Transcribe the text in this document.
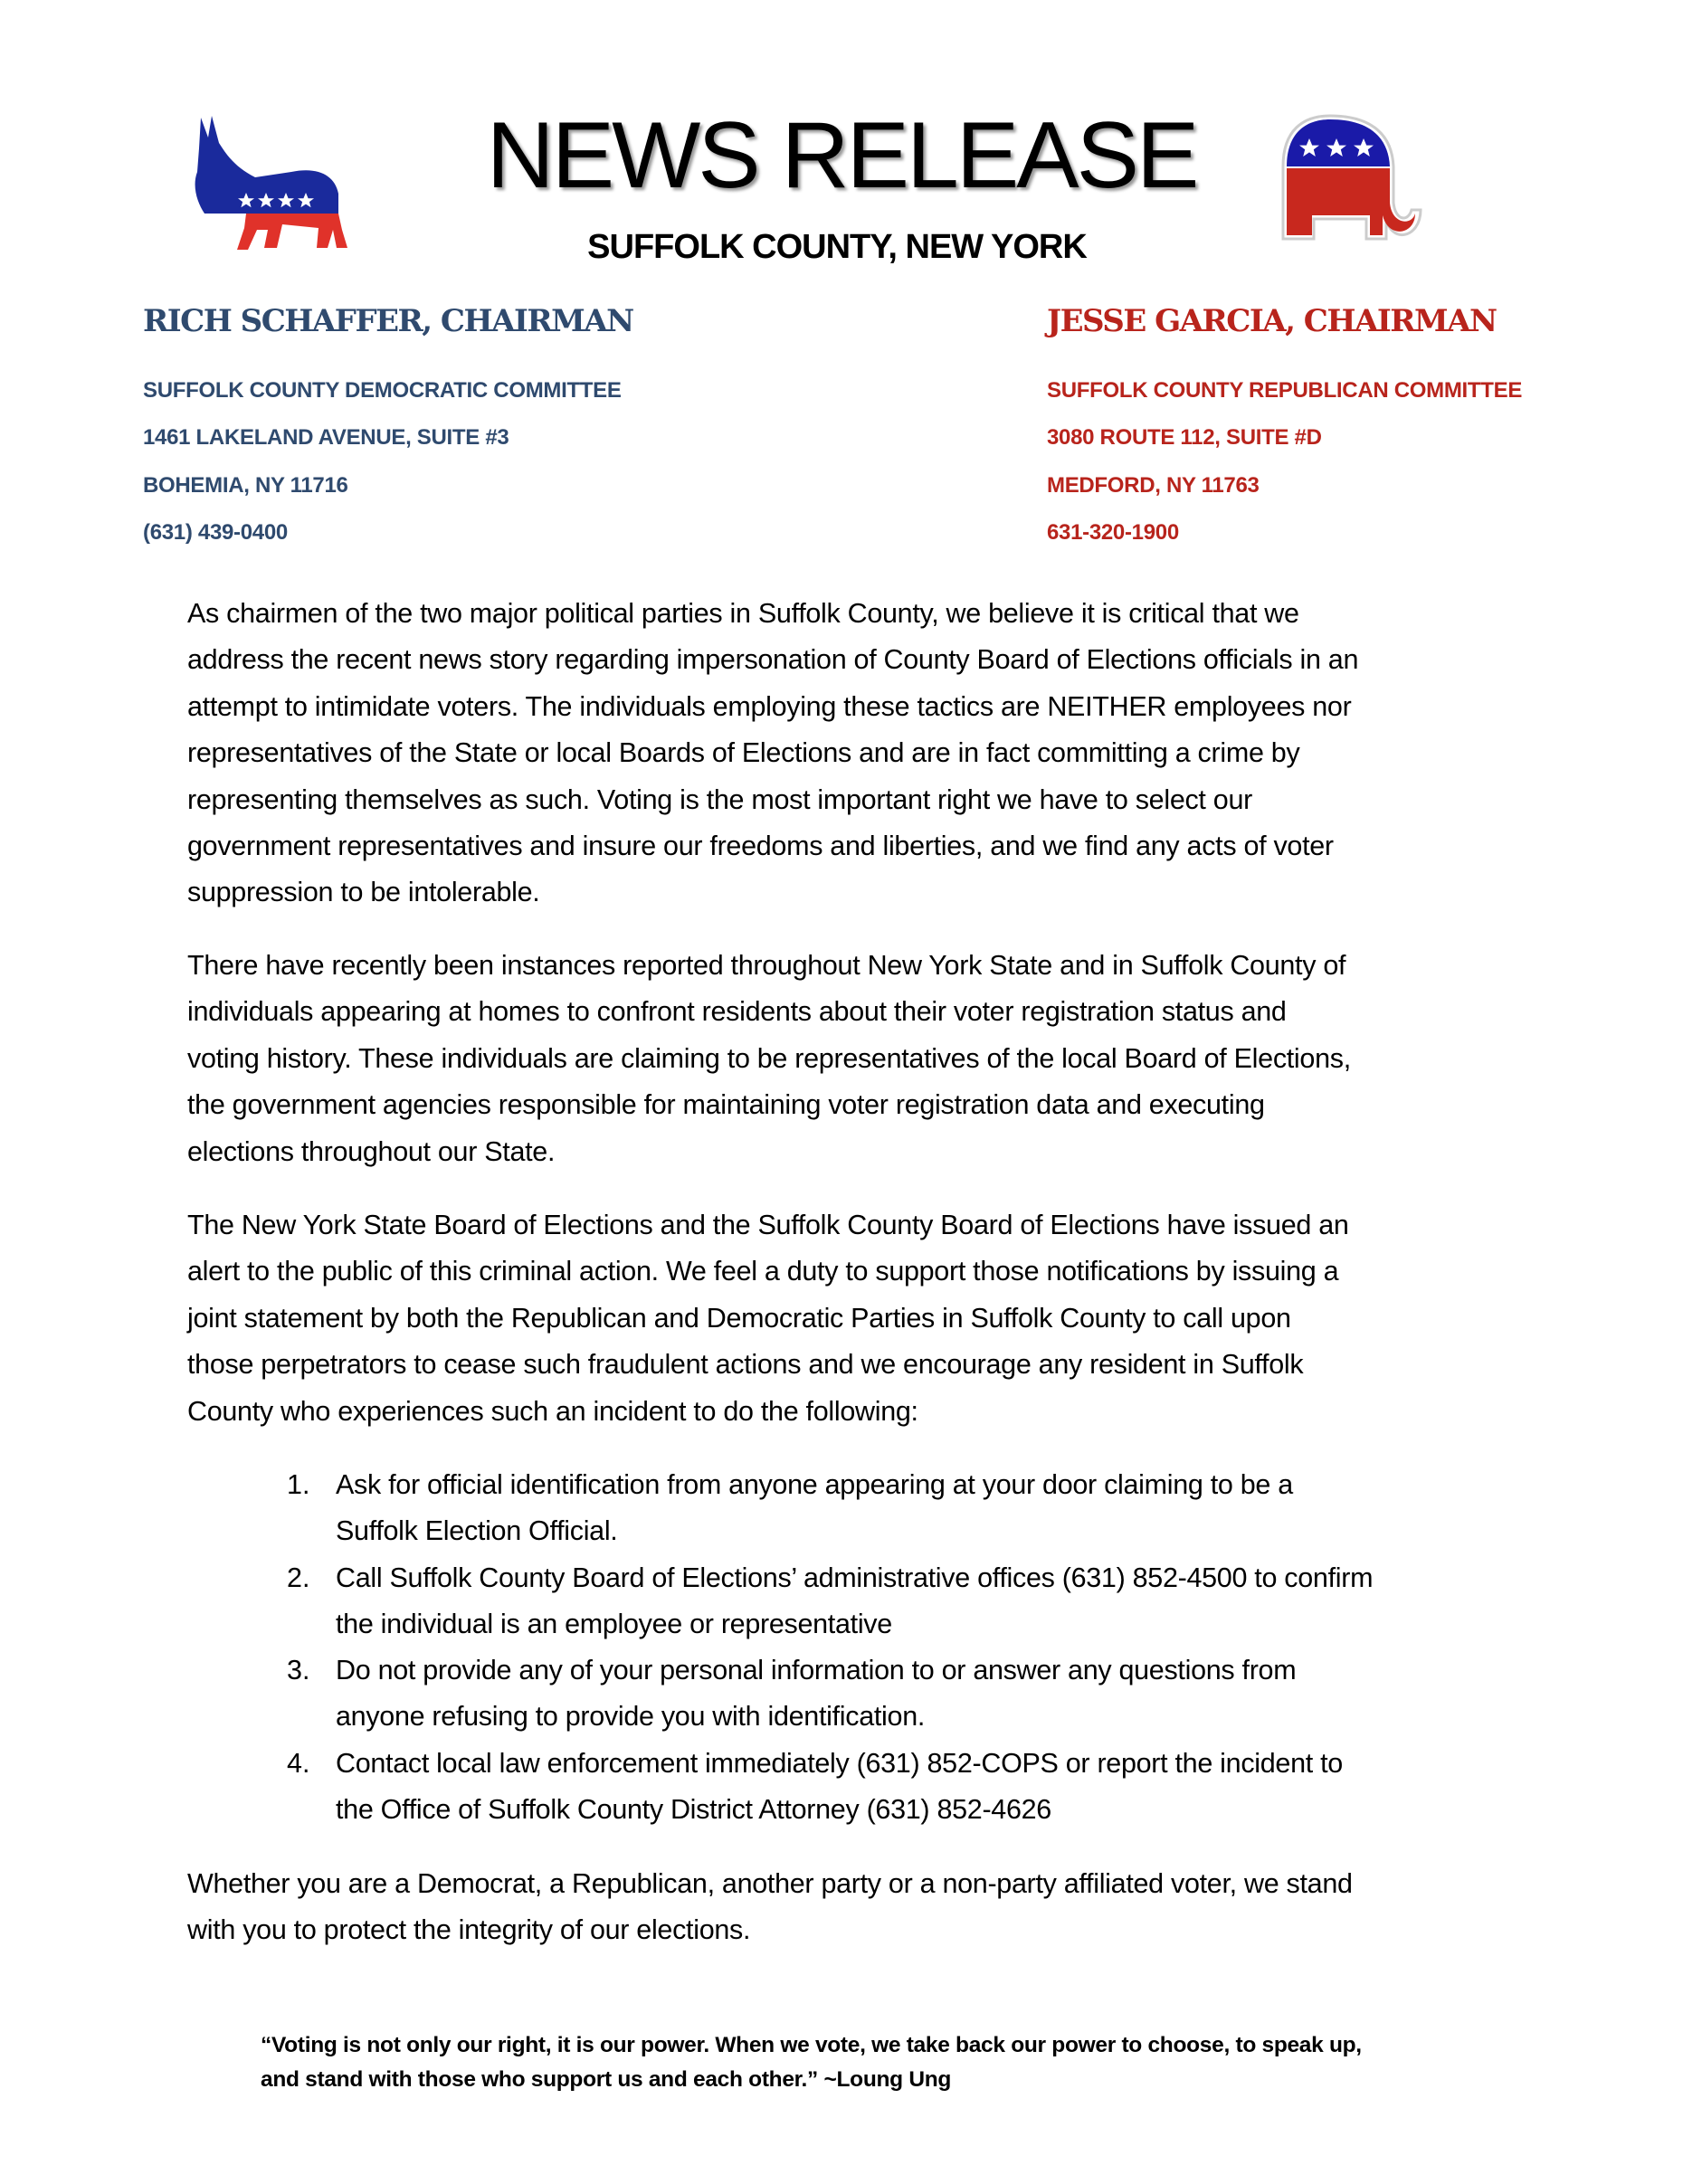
NEWS RELEASE
SUFFOLK COUNTY, NEW YORK
RICH SCHAFFER, CHAIRMAN	JESSE GARCIA, CHAIRMAN
SUFFOLK COUNTY DEMOCRATIC COMMITTEE
1461 LAKELAND AVENUE, SUITE #3
BOHEMIA, NY 11716
(631) 439-0400
SUFFOLK COUNTY REPUBLICAN COMMITTEE
3080 ROUTE 112, SUITE #D
MEDFORD, NY 11763
631-320-1900
As chairmen of the two major political parties in Suffolk County, we believe it is critical that we
address the recent news story regarding impersonation of County Board of Elections officials in an
attempt to intimidate voters. The individuals employing these tactics are NEITHER employees nor
representatives of the State or local Boards of Elections and are in fact committing a crime by
representing themselves as such. Voting is the most important right we have to select our
government representatives and insure our freedoms and liberties, and we find any acts of voter
suppression to be intolerable.
There have recently been instances reported throughout New York State and in Suffolk County of
individuals appearing at homes to confront residents about their voter registration status and
voting history. These individuals are claiming to be representatives of the local Board of Elections,
the government agencies responsible for maintaining voter registration data and executing
elections throughout our State.
The New York State Board of Elections and the Suffolk County Board of Elections have issued an
alert to the public of this criminal action. We feel a duty to support those notifications by issuing a
joint statement by both the Republican and Democratic Parties in Suffolk County to call upon
those perpetrators to cease such fraudulent actions and we encourage any resident in Suffolk
County who experiences such an incident to do the following:
1. Ask for official identification from anyone appearing at your door claiming to be a
Suffolk Election Official.
2. Call Suffolk County Board of Elections’ administrative offices (631) 852-4500 to confirm
the individual is an employee or representative
3. Do not provide any of your personal information to or answer any questions from
anyone refusing to provide you with identification.
4. Contact local law enforcement immediately (631) 852-COPS or report the incident to
the Office of Suffolk County District Attorney (631) 852-4626
Whether you are a Democrat, a Republican, another party or a non-party affiliated voter, we stand
with you to protect the integrity of our elections.
“Voting is not only our right, it is our power. When we vote, we take back our power to choose, to speak up,
and stand with those who support us and each other.” ~Loung Ung
